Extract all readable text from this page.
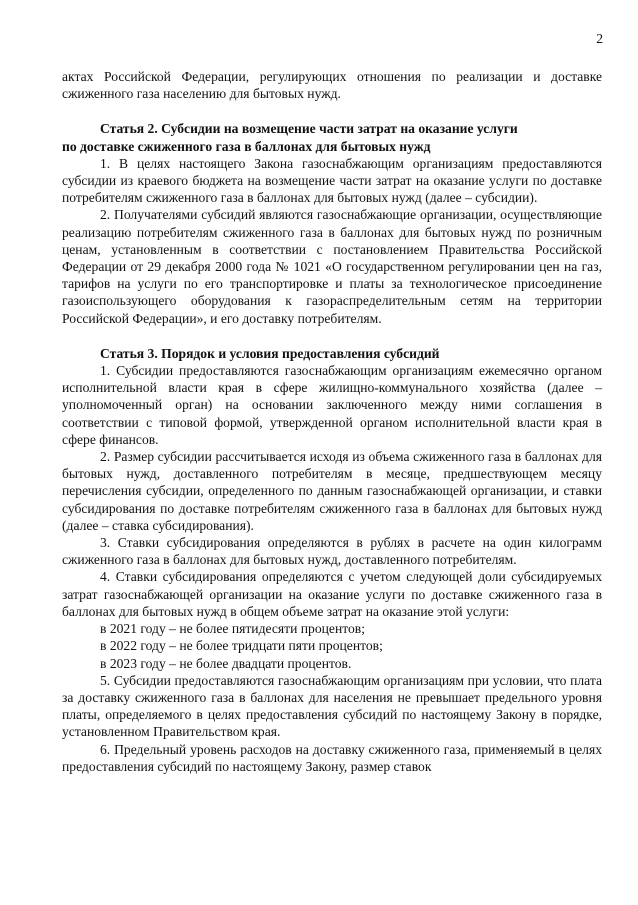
2

актах Российской Федерации, регулирующих отношения по реализации и доставке сжиженного газа населению для бытовых нужд.

Статья 2. Субсидии на возмещение части затрат на оказание услуги

по доставке сжиженного газа в баллонах для бытовых нужд

1. В целях настоящего Закона газоснабжающим организациям предоставляются субсидии из краевого бюджета на возмещение части затрат на оказание услуги по доставке потребителям сжиженного газа в баллонах для бытовых нужд (далее – субсидии).

2. Получателями субсидий являются газоснабжающие организации, осуществляющие реализацию потребителям сжиженного газа в баллонах для бытовых нужд по розничным ценам, установленным в соответствии с постановлением Правительства Российской Федерации от 29 декабря 2000 года № 1021 «О государственном регулировании цен на газ, тарифов на услуги по его транспортировке и платы за технологическое присоединение газоиспользующего оборудования к газораспределительным сетям на территории Российской Федерации», и его доставку потребителям.

Статья 3. Порядок и условия предоставления субсидий

1. Субсидии предоставляются газоснабжающим организациям ежемесячно органом исполнительной власти края в сфере жилищно-коммунального хозяйства (далее – уполномоченный орган) на основании заключенного между ними соглашения в соответствии с типовой формой, утвержденной органом исполнительной власти края в сфере финансов.

2. Размер субсидии рассчитывается исходя из объема сжиженного газа в баллонах для бытовых нужд, доставленного потребителям в месяце, предшествующем месяцу перечисления субсидии, определенного по данным газоснабжающей организации, и ставки субсидирования по доставке потребителям сжиженного газа в баллонах для бытовых нужд (далее – ставка субсидирования).

3. Ставки субсидирования определяются в рублях в расчете на один килограмм сжиженного газа в баллонах для бытовых нужд, доставленного потребителям.

4. Ставки субсидирования определяются с учетом следующей доли субсидируемых затрат газоснабжающей организации на оказание услуги по доставке сжиженного газа в баллонах для бытовых нужд в общем объеме затрат на оказание этой услуги:

в 2021 году – не более пятидесяти процентов;

в 2022 году – не более тридцати пяти процентов;

в 2023 году – не более двадцати процентов.

5. Субсидии предоставляются газоснабжающим организациям при условии, что плата за доставку сжиженного газа в баллонах для населения не превышает предельного уровня платы, определяемого в целях предоставления субсидий по настоящему Закону в порядке, установленном Правительством края.

6. Предельный уровень расходов на доставку сжиженного газа, применяемый в целях предоставления субсидий по настоящему Закону, размер ставок
